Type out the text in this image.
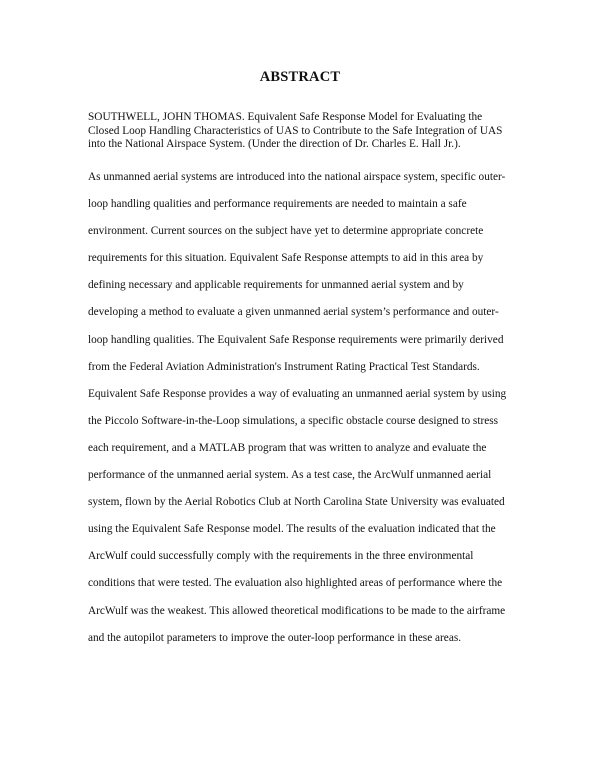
ABSTRACT

SOUTHWELL, JOHN THOMAS. Equivalent Safe Response Model for Evaluating the

Closed Loop Handling Characteristics of UAS to Contribute to the Safe Integration of UAS

into the National Airspace System. (Under the direction of Dr. Charles E. Hall Jr.).

As unmanned aerial systems are introduced into the national airspace system, specific outer-

loop handling qualities and performance requirements are needed to maintain a safe

environment. Current sources on the subject have yet to determine appropriate concrete

requirements for this situation. Equivalent Safe Response attempts to aid in this area by

defining necessary and applicable requirements for unmanned aerial system and by

developing a method to evaluate a given unmanned aerial system’s performance and outer-

loop handling qualities. The Equivalent Safe Response requirements were primarily derived

from the Federal Aviation Administration's Instrument Rating Practical Test Standards.

Equivalent Safe Response provides a way of evaluating an unmanned aerial system by using

the Piccolo Software-in-the-Loop simulations, a specific obstacle course designed to stress

each requirement, and a MATLAB program that was written to analyze and evaluate the

performance of the unmanned aerial system. As a test case, the ArcWulf unmanned aerial

system, flown by the Aerial Robotics Club at North Carolina State University was evaluated

using the Equivalent Safe Response model. The results of the evaluation indicated that the

ArcWulf could successfully comply with the requirements in the three environmental

conditions that were tested. The evaluation also highlighted areas of performance where the

ArcWulf was the weakest. This allowed theoretical modifications to be made to the airframe

and the autopilot parameters to improve the outer-loop performance in these areas.
